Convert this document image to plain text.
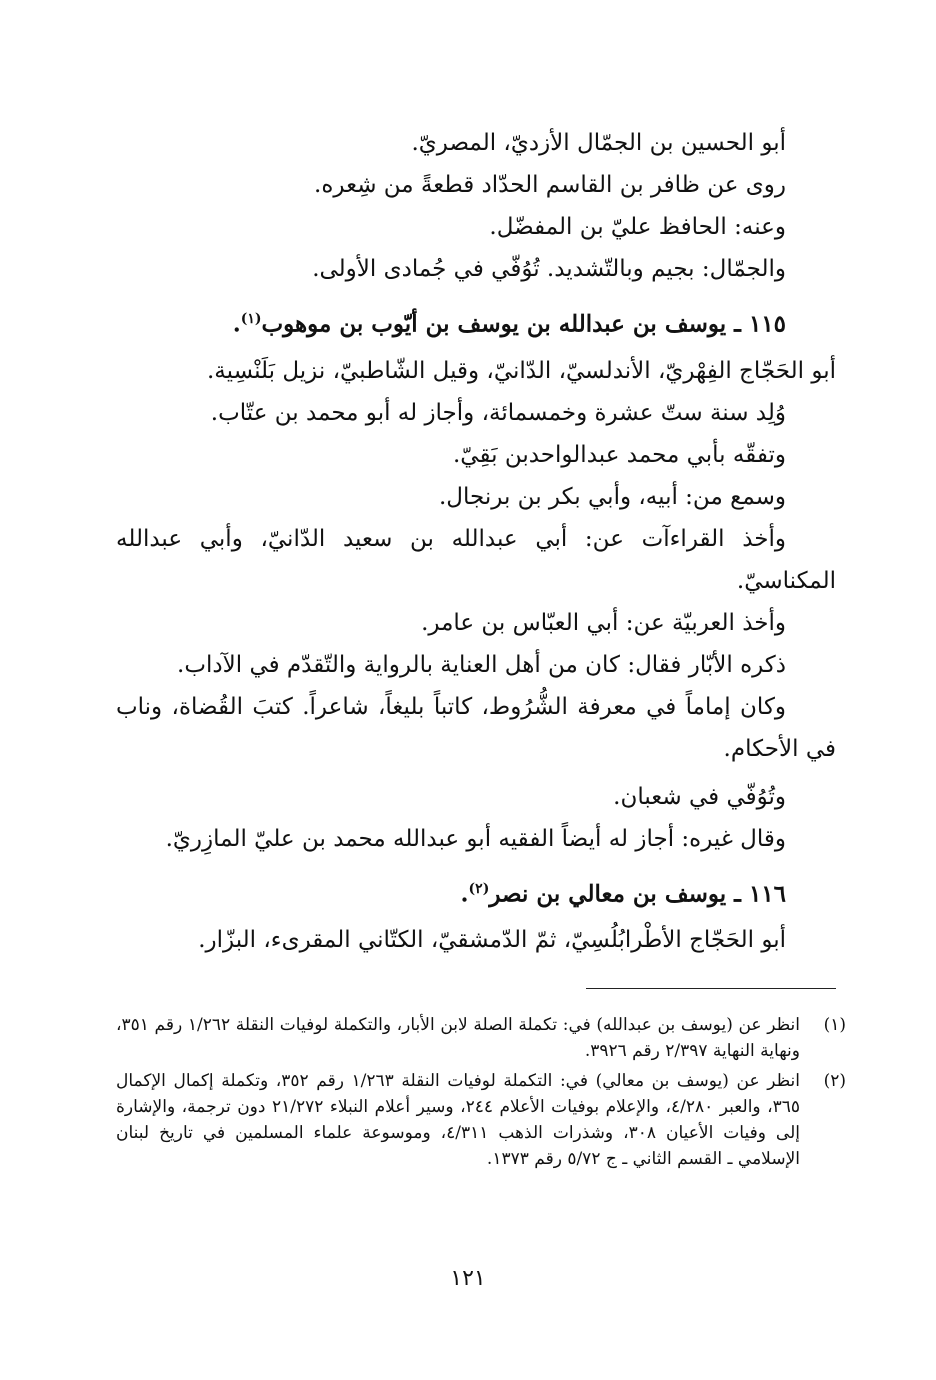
أبو الحسين بن الجمّال الأزديّ، المصريّ.
روى عن ظافر بن القاسم الحدّاد قطعةً من شِعره.
وعنه: الحافظ عليّ بن المفضّل.
والجمّال: بجيم وبالتّشديد. تُوُفّي في جُمادى الأولى.
١١٥ ـ يوسف بن عبدالله بن يوسف بن أيّوب بن موهوب$^{(١)}$.
أبو الحَجّاج الفِهْريّ، الأندلسيّ، الدّانيّ، وقيل الشّاطبيّ، نزيل بَلَنْسِية.
وُلِد سنة ستّ عشرة وخمسمائة، وأجاز له أبو محمد بن عتّاب.
وتفقّه بأبي محمد عبدالواحدبن بَقِيّ.
وسمع من: أبيه، وأبي بكر بن برنجال.
وأخذ القراءآت عن: أبي عبدالله بن سعيد الدّانيّ، وأبي عبدالله
المكناسيّ.
وأخذ العربيّة عن: أبي العبّاس بن عامر.
ذكره الأبّار فقال: كان من أهل العناية بالرواية والتّقدّم في الآداب.
وكان إماماً في معرفة الشُّرُوط، كاتباً بليغاً، شاعراً. كتبَ القُضاة، وناب
في الأحكام.
وتُوُفّي في شعبان.
وقال غيره: أجاز له أيضاً الفقيه أبو عبدالله محمد بن عليّ المازِريّ.
١١٦ ـ يوسف بن معالي بن نصر$^{(٢)}$.
أبو الحَجّاج الأطْرابُلُسِيّ، ثمّ الدّمشقيّ، الكتّاني المقرىء، البزّار.
(١)
انظر عن (يوسف بن عبدالله) في: تكملة الصلة لابن الأبار، والتكملة لوفيات النقلة ١/٢٦٢ رقم ٣٥١، ونهاية النهاية ٢/٣٩٧ رقم ٣٩٢٦.
(٢)
انظر عن (يوسف بن معالي) في: التكملة لوفيات النقلة ١/٢٦٣ رقم ٣٥٢، وتكملة إكمال الإكمال ٣٦٥، والعبر ٤/٢٨٠، والإعلام بوفيات الأعلام ٢٤٤، وسير أعلام النبلاء ٢١/٢٧٢ دون ترجمة، والإشارة إلى وفيات الأعيان ٣٠٨، وشذرات الذهب ٤/٣١١، وموسوعة علماء المسلمين في تاريخ لبنان الإسلامي ـ القسم الثاني ـ ج ٥/٧٢ رقم ١٣٧٣.
١٢١
